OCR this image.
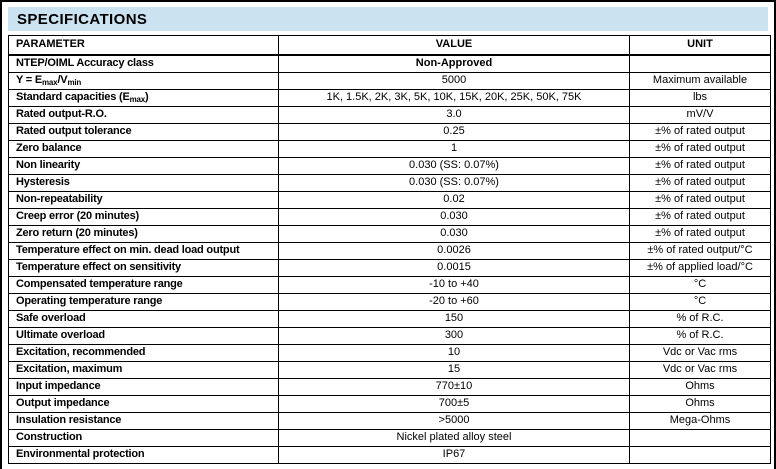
SPECIFICATIONS
PARAMETER	VALUE	UNIT
NTEP/OIML Accuracy class	Non-Approved	
$Y = E_{max}/V_{min}$	5000	Maximum available
Standard capacities $(E_{max})$	1K, 1.5K, 2K, 3K, 5K, 10K, 15K, 20K, 25K, 50K, 75K	lbs
Rated output-R.O.	3.0	mV/V
Rated output tolerance	0.25	±% of rated output
Zero balance	1	±% of rated output
Non linearity	0.030 (SS: 0.07%)	±% of rated output
Hysteresis	0.030 (SS: 0.07%)	±% of rated output
Non-repeatability	0.02	±% of rated output
Creep error (20 minutes)	0.030	±% of rated output
Zero return (20 minutes)	0.030	±% of rated output
Temperature effect on min. dead load output	0.0026	±% of rated output/°C
Temperature effect on sensitivity	0.0015	±% of applied load/°C
Compensated temperature range	-10 to +40	°C
Operating temperature range	-20 to +60	°C
Safe overload	150	% of R.C.
Ultimate overload	300	% of R.C.
Excitation, recommended	10	Vdc or Vac rms
Excitation, maximum	15	Vdc or Vac rms
Input impedance	770±10	Ohms
Output impedance	700±5	Ohms
Insulation resistance	>5000	Mega-Ohms
Construction	Nickel plated alloy steel	
Environmental protection	IP67	
